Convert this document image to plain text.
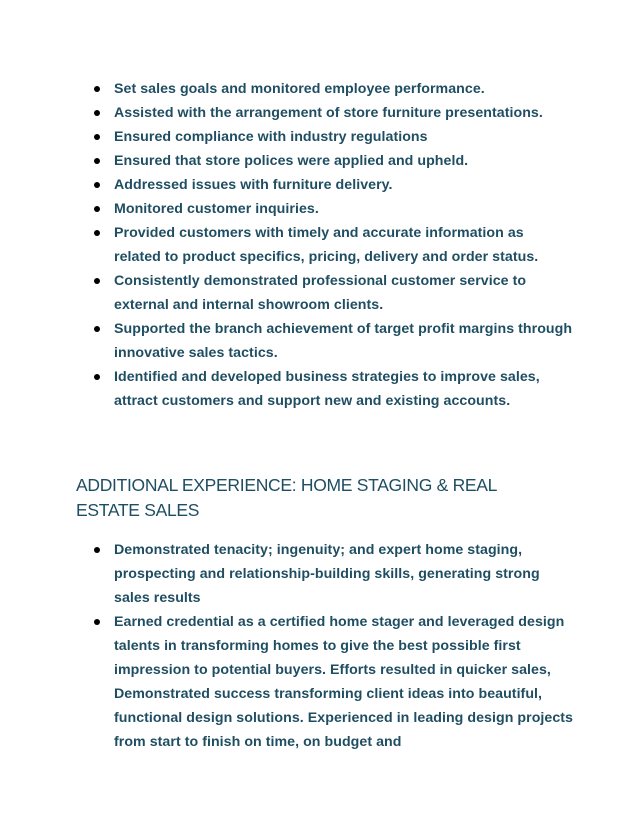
Set sales goals and monitored employee performance.
Assisted with the arrangement of store furniture presentations.
Ensured compliance with industry regulations
Ensured that store polices were applied and upheld.
Addressed issues with furniture delivery.
Monitored customer inquiries.
Provided customers with timely and accurate information as related to product specifics, pricing, delivery and order status.
Consistently demonstrated professional customer service to external and internal showroom clients.
Supported the branch achievement of target profit margins through innovative sales tactics.
Identified and developed business strategies to improve sales, attract customers and support new and existing accounts.
ADDITIONAL EXPERIENCE: HOME STAGING & REAL ESTATE SALES
Demonstrated tenacity; ingenuity; and expert home staging, prospecting and relationship-building skills, generating strong sales results
Earned credential as a certified home stager and leveraged design talents in transforming homes to give the best possible first impression to potential buyers. Efforts resulted in quicker sales, Demonstrated success transforming client ideas into beautiful, functional design solutions. Experienced in leading design projects from start to finish on time, on budget and
